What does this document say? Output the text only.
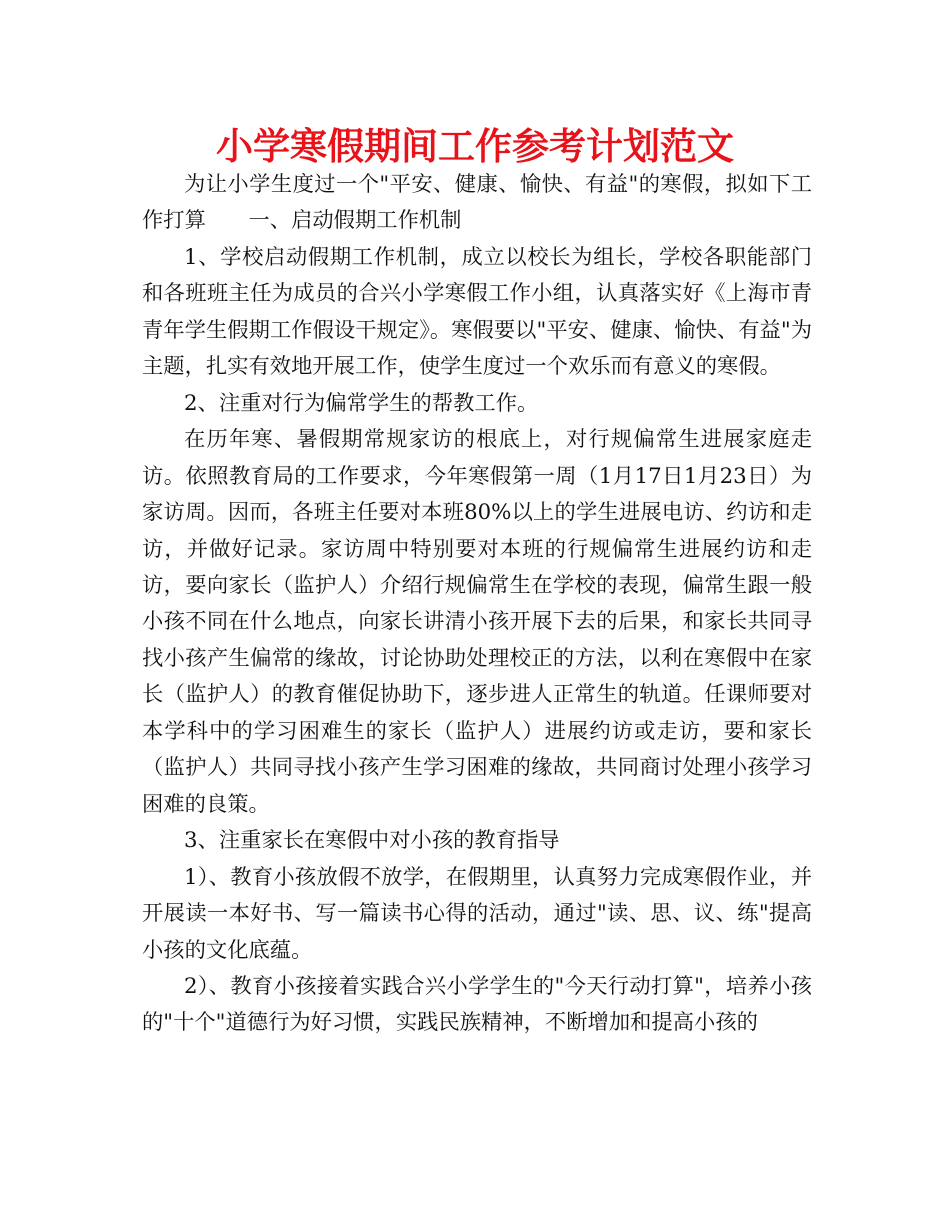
小学寒假期间工作参考计划范文

为让小学生度过一个"平安、健康、愉快、有益"的寒假，拟如下工作打算　　一、启动假期工作机制

1、学校启动假期工作机制，成立以校长为组长，学校各职能部门和各班班主任为成员的合兴小学寒假工作小组，认真落实好《上海市青青年学生假期工作假设干规定》。寒假要以"平安、健康、愉快、有益"为主题，扎实有效地开展工作，使学生度过一个欢乐而有意义的寒假。

2、注重对行为偏常学生的帮教工作。

在历年寒、暑假期常规家访的根底上，对行规偏常生进展家庭走访。依照教育局的工作要求，今年寒假第一周（1月17日1月23日）为家访周。因而，各班主任要对本班80%以上的学生进展电访、约访和走访，并做好记录。家访周中特别要对本班的行规偏常生进展约访和走访，要向家长（监护人）介绍行规偏常生在学校的表现，偏常生跟一般小孩不同在什么地点，向家长讲清小孩开展下去的后果，和家长共同寻找小孩产生偏常的缘故，讨论协助处理校正的方法，以利在寒假中在家长（监护人）的教育催促协助下，逐步进人正常生的轨道。任课师要对本学科中的学习困难生的家长（监护人）进展约访或走访，要和家长（监护人）共同寻找小孩产生学习困难的缘故，共同商讨处理小孩学习困难的良策。

3、注重家长在寒假中对小孩的教育指导

1）、教育小孩放假不放学，在假期里，认真努力完成寒假作业，并开展读一本好书、写一篇读书心得的活动，通过"读、思、议、练"提高小孩的文化底蕴。

2）、教育小孩接着实践合兴小学学生的"今天行动打算"，培养小孩的"十个"道德行为好习惯，实践民族精神，不断增加和提高小孩的
